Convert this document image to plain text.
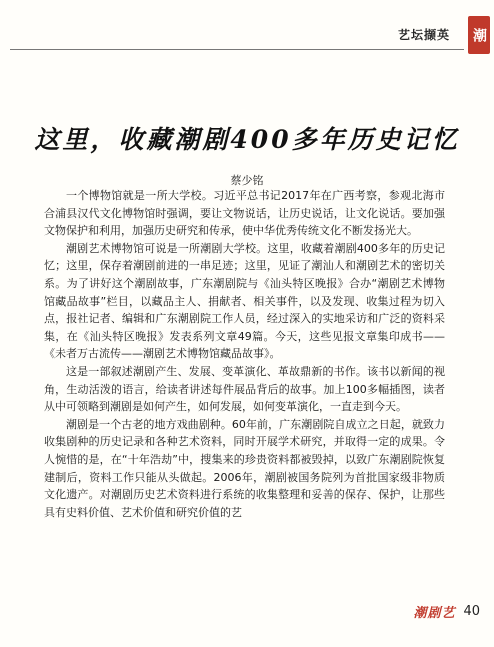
艺坛撷英 潮
这里，收藏潮剧400多年历史记忆
蔡少铭

一个博物馆就是一所大学校。习近平总书记2017年在广西考察，参观北海市合浦县汉代文化博物馆时强调，要让文物说话，让历史说话，让文化说话。要加强文物保护和利用，加强历史研究和传承，使中华优秀传统文化不断发扬光大。

潮剧艺术博物馆可说是一所潮剧大学校。这里，收藏着潮剧400多年的历史记忆；这里，保存着潮剧前进的一串足迹；这里，见证了潮汕人和潮剧艺术的密切关系。为了讲好这个潮剧故事，广东潮剧院与《汕头特区晚报》合办“潮剧艺术博物馆藏品故事”栏目，以藏品主人、捐献者、相关事件，以及发现、收集过程为切入点，报社记者、编辑和广东潮剧院工作人员，经过深入的实地采访和广泛的资料采集，在《汕头特区晚报》发表系列文章49篇。今天，这些见报文章集印成书——《未者万古流传——潮剧艺术博物馆藏品故事》。

这是一部叙述潮剧产生、发展、变革演化、革故鼎新的书作。该书以新闻的视角，生动活泼的语言，给读者讲述每件展品背后的故事。加上100多幅插图，读者从中可领略到潮剧是如何产生，如何发展，如何变革演化，一直走到今天。

潮剧是一个古老的地方戏曲剧种。60年前，广东潮剧院自成立之日起，就致力收集剧种的历史记录和各种艺术资料，同时开展学术研究，并取得一定的成果。令人惋惜的是，在“十年浩劫”中，搜集来的珍贵资料都被毁掉，以致广东潮剧院恢复建制后，资料工作只能从头做起。2006年，潮剧被国务院列为首批国家级非物质文化遗产。对潮剧历史艺术资料进行系统的收集整理和妥善的保存、保护，让那些具有史料价值、艺术价值和研究价值的艺

潮剧艺 40
